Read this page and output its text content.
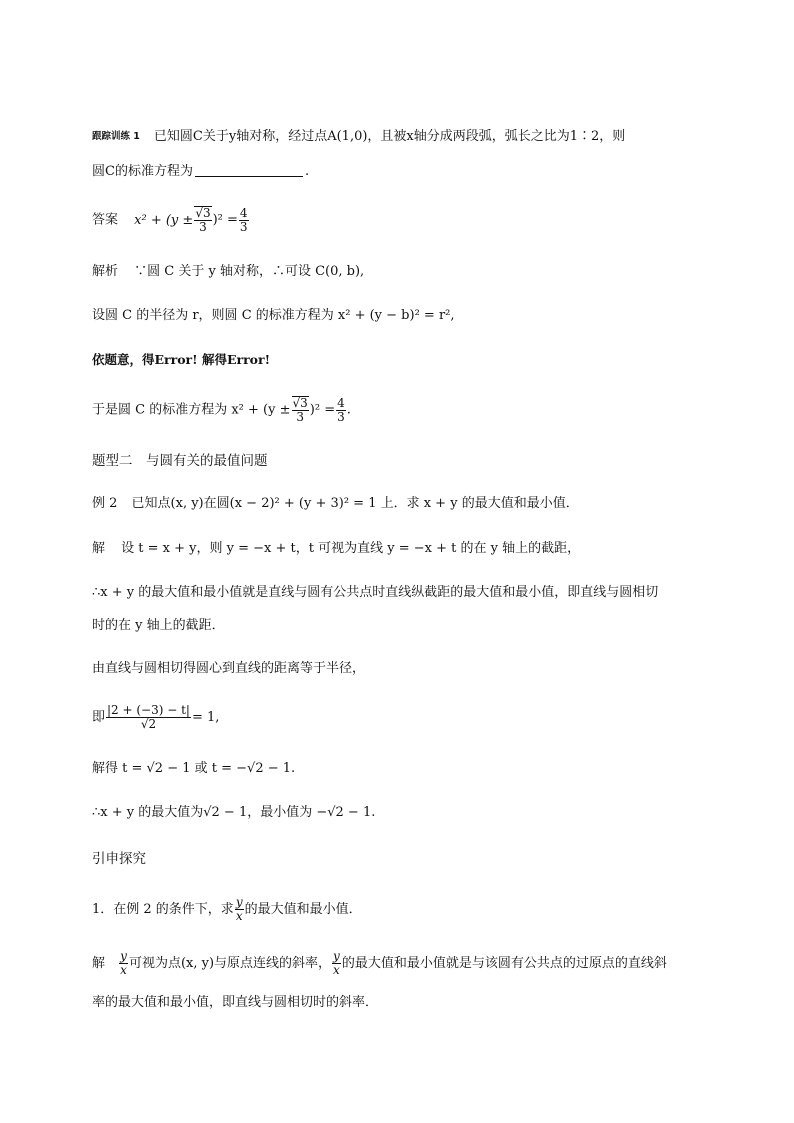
跟踪训练 1 已知圆C关于y轴对称，经过点A(1,0)，且被x轴分成两段弧，弧长之比为1∶2，则
圆C的标准方程为	.
答案 $x^2 + (y \pm \frac{√3}{3} )^2 = \frac{4}{3}$
解析 ∵圆 C 关于 y 轴对称，∴可设 C(0, b),
设圆 C 的半径为 r，则圆 C 的标准方程为 x² + (y − b)² = r²,
依题意，得Error! 解得Error!
于是圆 C 的标准方程为 $x^2 + (y \pm \frac{√3}{3} )^2 = \frac{4}{3}$ .
题型二　与圆有关的最值问题
例 2 已知点(x, y)在圆(x − 2)² + (y + 3)² = 1 上．求 x + y 的最大值和最小值．
解 设 t = x + y，则 y = −x + t，t 可视为直线 y = −x + t 的在 y 轴上的截距，
∴x + y 的最大值和最小值就是直线与圆有公共点时直线纵截距的最大值和最小值，即直线与圆相切
时的在 y 轴上的截距．
由直线与圆相切得圆心到直线的距离等于半径，
即 $\frac{|2 + (-3) - t|}{√2} = 1$,
解得 t = √2 − 1 或 t = −√2 − 1.
∴x + y 的最大值为√2 − 1，最小值为 −√2 − 1.
引申探究
1．在例 2 的条件下，求 $\frac{y}{x}$ 的最大值和最小值．
解 $\frac{y}{x}$ 可视为点(x, y)与原点连线的斜率， $\frac{y}{x}$ 的最大值和最小值就是与该圆有公共点的过原点的直线斜
率的最大值和最小值，即直线与圆相切时的斜率．
